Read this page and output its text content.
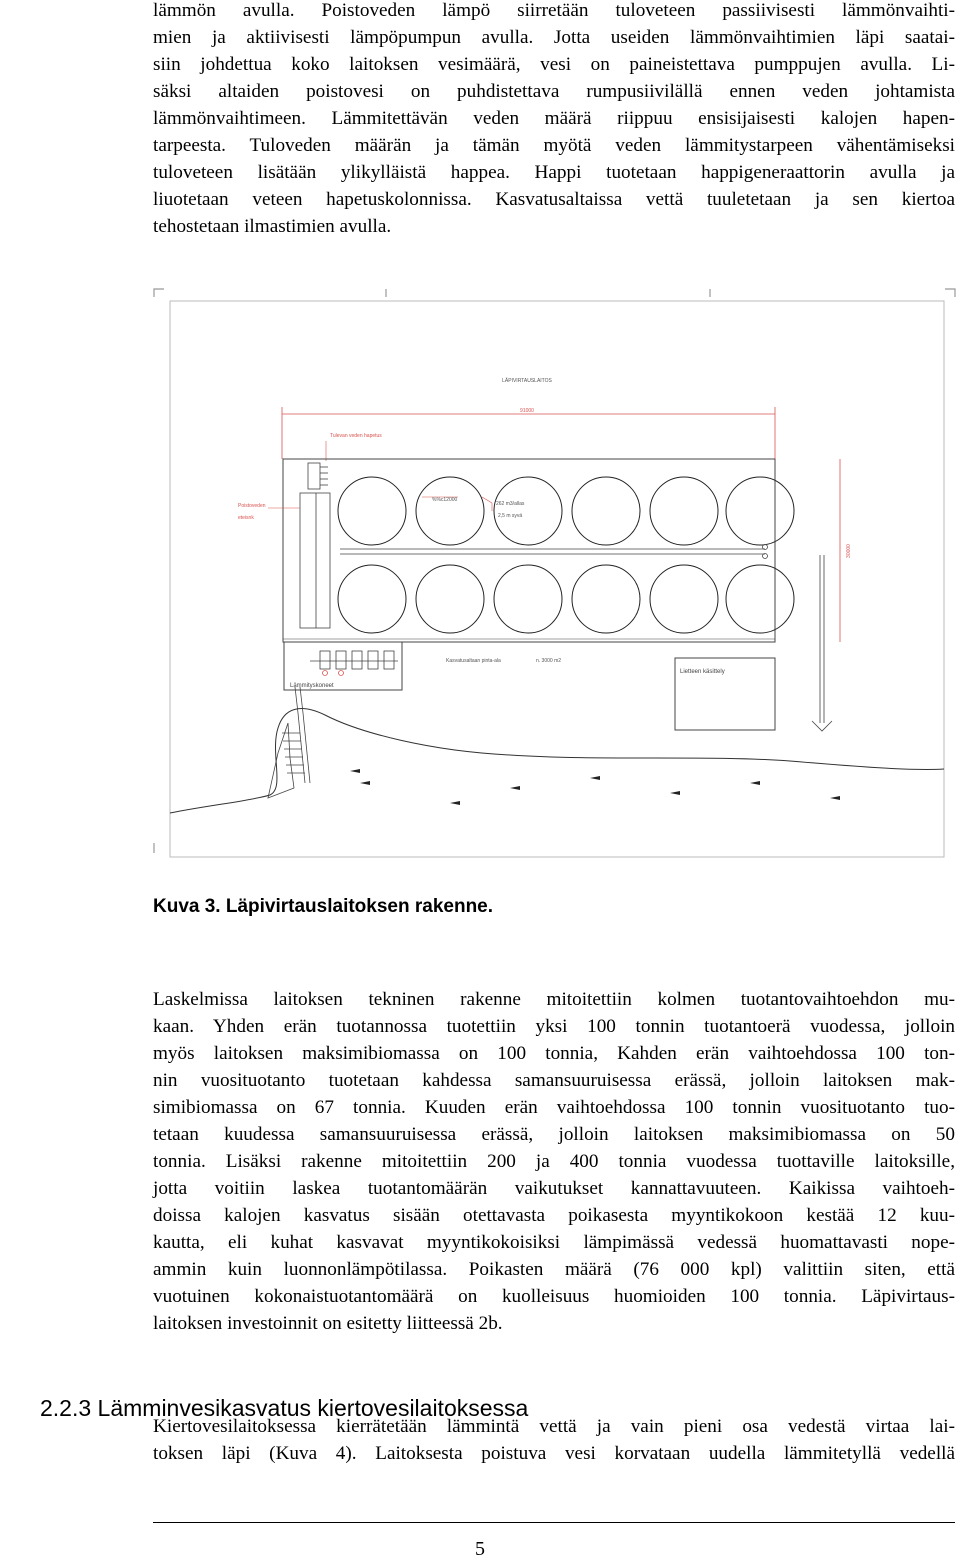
lämmön avulla. Poistoveden lämpö siirretään tuloveteen passiivisesti lämmönvaihti-
mien ja aktiivisesti lämpöpumpun avulla. Jotta useiden lämmönvaihtimien läpi saatai-
siin johdettua koko laitoksen vesimäärä, vesi on paineistettava pumppujen avulla. Li-
säksi altaiden poistovesi on puhdistettava rumpusiivilällä ennen veden johtamista
lämmönvaihtimeen. Lämmitettävän veden määrä riippuu ensisijaisesti kalojen hapen-
tarpeesta. Tuloveden määrän ja tämän myötä veden lämmitystarpeen vähentämiseksi
tuloveteen lisätään ylikylläistä happea. Happi tuotetaan happigeneraattorin avulla ja
liuotetaan veteen hapetuskolonnissa. Kasvatusaltaissa vettä tuuletetaan ja sen kiertoa
tehostetaan ilmastimien avulla.
LÄPIVIRTAUSLAITOS
91000
Tulevan veden hapetus
30000
%%c12000
262 m3/allas
2,5 m syvä
Poistoveden
eteisnk
Lämmityskoneet
Kasvatusaltaan pinta-ala	n. 3000 m2
Lietteen käsittely

Kuva 3. Läpivirtauslaitoksen rakenne.

Laskelmissa laitoksen tekninen rakenne mitoitettiin kolmen tuotantovaihtoehdon mu-
kaan. Yhden erän tuotannossa tuotettiin yksi 100 tonnin tuotantoerä vuodessa, jolloin
myös laitoksen maksimibiomassa on 100 tonnia, Kahden erän vaihtoehdossa 100 ton-
nin vuosituotanto tuotetaan kahdessa samansuuruisessa erässä, jolloin laitoksen mak-
simibiomassa on 67 tonnia. Kuuden erän vaihtoehdossa 100 tonnin vuosituotanto tuo-
tetaan kuudessa samansuuruisessa erässä, jolloin laitoksen maksimibiomassa on 50
tonnia. Lisäksi rakenne mitoitettiin 200 ja 400 tonnia vuodessa tuottaville laitoksille,
jotta voitiin laskea tuotantomäärän vaikutukset kannattavuuteen. Kaikissa vaihtoeh-
doissa kalojen kasvatus sisään otettavasta poikasesta myyntikokoon kestää 12 kuu-
kautta, eli kuhat kasvavat myyntikokoisiksi lämpimässä vedessä huomattavasti nope-
ammin kuin luonnonlämpötilassa. Poikasten määrä (76 000 kpl) valittiin siten, että
vuotuinen kokonaistuotantomäärä on kuolleisuus huomioiden 100 tonnia. Läpivirtaus-
laitoksen investoinnit on esitetty liitteessä 2b.
2.2.3 Lämminvesikasvatus kiertovesilaitoksessa
Kiertovesilaitoksessa kierrätetään lämmintä vettä ja vain pieni osa vedestä virtaa lai-
toksen läpi (Kuva 4). Laitoksesta poistuva vesi korvataan uudella lämmitetyllä vedellä
5
